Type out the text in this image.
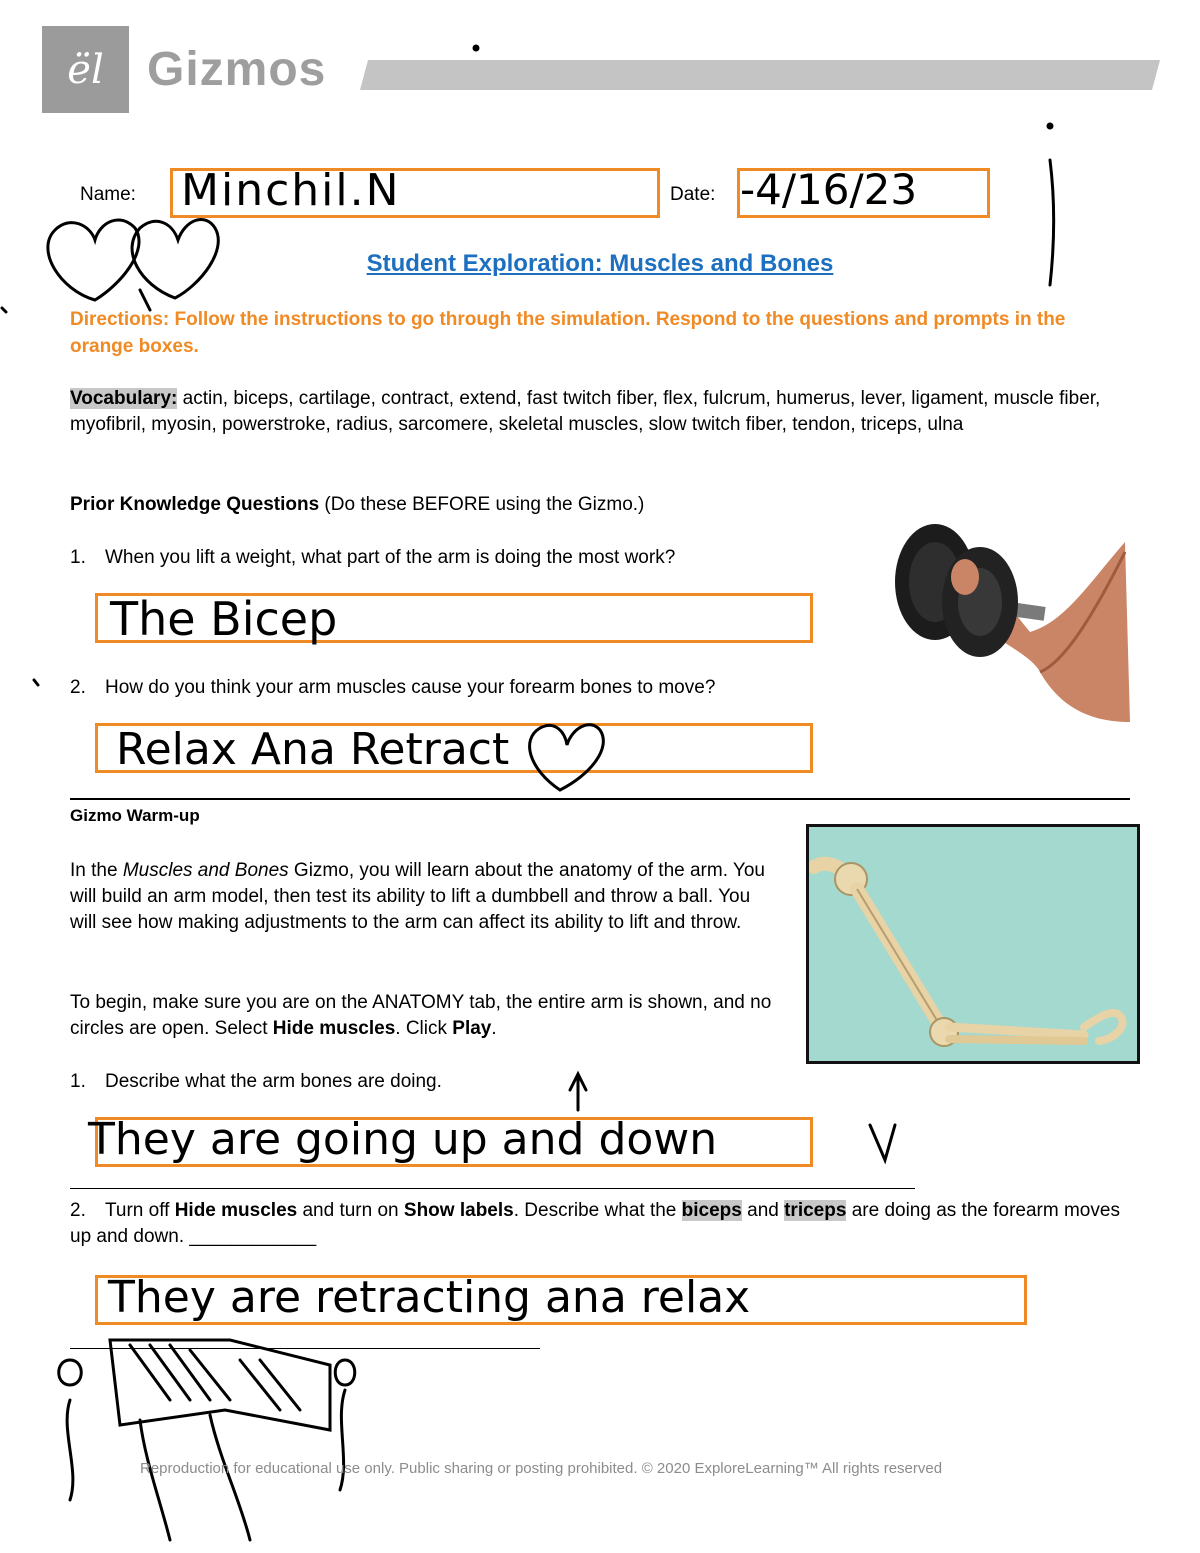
ël Gizmos
Name: Minchil.N	Date: -4/16/23
Student Exploration: Muscles and Bones
Directions: Follow the instructions to go through the simulation. Respond to the questions and prompts in the orange boxes.
Vocabulary: actin, biceps, cartilage, contract, extend, fast twitch fiber, flex, fulcrum, humerus, lever, ligament, muscle fiber, myofibril, myosin, powerstroke, radius, sarcomere, skeletal muscles, slow twitch fiber, tendon, triceps, ulna
Prior Knowledge Questions (Do these BEFORE using the Gizmo.)
1. When you lift a weight, what part of the arm is doing the most work?
The Bicep
2. How do you think your arm muscles cause your forearm bones to move?
Relax Ana Retract
Gizmo Warm-up
In the Muscles and Bones Gizmo, you will learn about the anatomy of the arm. You will build an arm model, then test its ability to lift a dumbbell and throw a ball. You will see how making adjustments to the arm can affect its ability to lift and throw.
To begin, make sure you are on the ANATOMY tab, the entire arm is shown, and no circles are open. Select Hide muscles. Click Play.
1. Describe what the arm bones are doing.
They are going up and down
2. Turn off Hide muscles and turn on Show labels. Describe what the biceps and triceps are doing as the forearm moves up and down. ____________
They are retracting ana relax
Reproduction for educational use only. Public sharing or posting prohibited. © 2020 ExploreLearning™ All rights reserved
